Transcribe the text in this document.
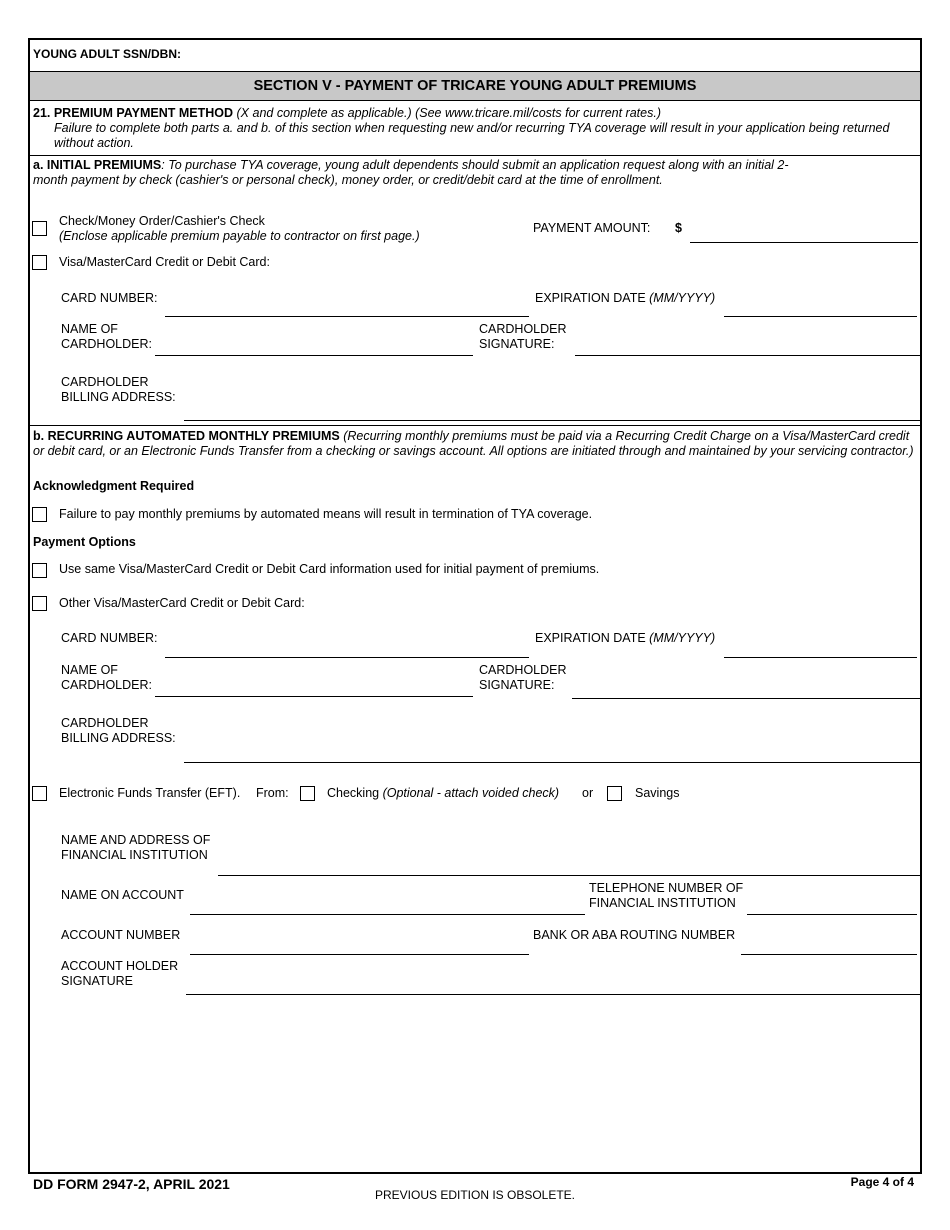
YOUNG ADULT SSN/DBN:
SECTION V - PAYMENT OF TRICARE YOUNG ADULT PREMIUMS
21. PREMIUM PAYMENT METHOD (X and complete as applicable.) (See www.tricare.mil/costs for current rates.)
Failure to complete both parts a. and b. of this section when requesting new and/or recurring TYA coverage will result in your application being returned
without action.
a. INITIAL PREMIUMS: To purchase TYA coverage, young adult dependents should submit an application request along with an initial 2-
month payment by check (cashier's or personal check), money order, or credit/debit card at the time of enrollment.
Check/Money Order/Cashier's Check
(Enclose applicable premium payable to contractor on first page.)
PAYMENT AMOUNT: $
Visa/MasterCard Credit or Debit Card:
CARD NUMBER:	EXPIRATION DATE (MM/YYYY)
NAME OF
CARDHOLDER:
CARDHOLDER
SIGNATURE:
CARDHOLDER
BILLING ADDRESS:
b. RECURRING AUTOMATED MONTHLY PREMIUMS (Recurring monthly premiums must be paid via a Recurring Credit Charge on a Visa/MasterCard credit
or debit card, or an Electronic Funds Transfer from a checking or savings account. All options are initiated through and maintained by your servicing contractor.)
Acknowledgment Required
Failure to pay monthly premiums by automated means will result in termination of TYA coverage.
Payment Options
Use same Visa/MasterCard Credit or Debit Card information used for initial payment of premiums.
Other Visa/MasterCard Credit or Debit Card:
CARD NUMBER:	EXPIRATION DATE (MM/YYYY)
NAME OF
CARDHOLDER:
CARDHOLDER
SIGNATURE:
CARDHOLDER
BILLING ADDRESS:
Electronic Funds Transfer (EFT). From:	Checking (Optional - attach voided check) or	Savings
NAME AND ADDRESS OF
FINANCIAL INSTITUTION
NAME ON ACCOUNT	TELEPHONE NUMBER OF
FINANCIAL INSTITUTION
ACCOUNT NUMBER	BANK OR ABA ROUTING NUMBER
ACCOUNT HOLDER
SIGNATURE
DD FORM 2947-2, APRIL 2021
PREVIOUS EDITION IS OBSOLETE.
Page 4 of 4
